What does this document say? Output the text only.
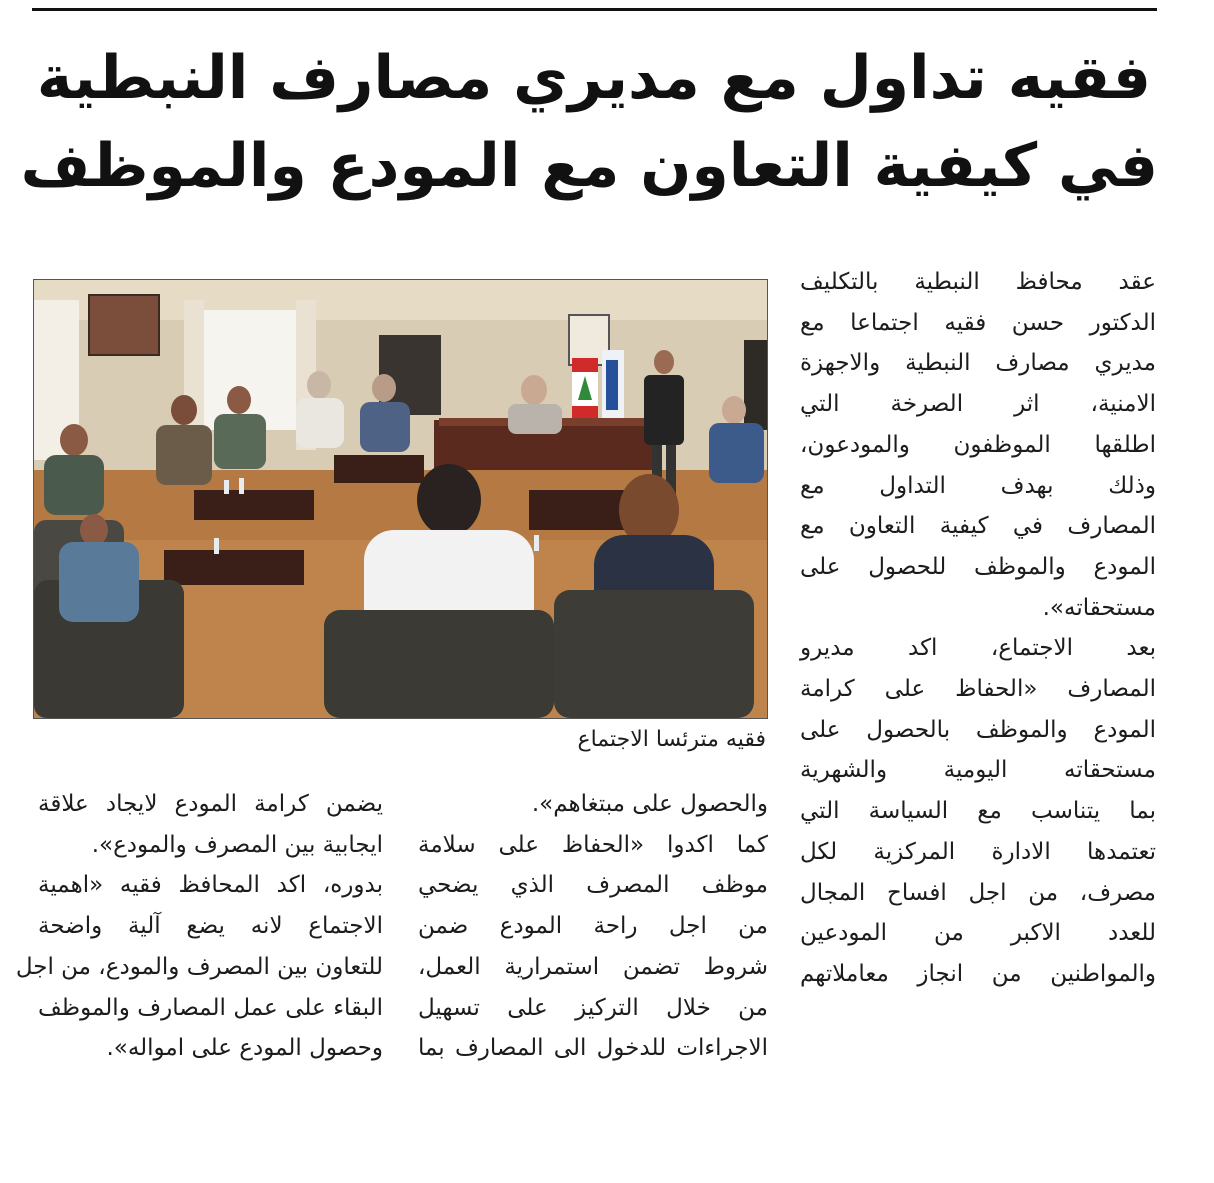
فقيه تداول مع مديري مصارف النبطية
في كيفية التعاون مع المودع والموظف
عقد محافظ النبطية بالتكليف
الدكتور حسن فقيه اجتماعا مع
مديري مصارف النبطية والاجهزة
الامنية، اثر الصرخة التي
اطلقها الموظفون والمودعون،
وذلك بهدف التداول مع
المصارف في كيفية التعاون مع
المودع والموظف للحصول على
مستحقاته».
بعد الاجتماع، اكد مديرو
المصارف «الحفاظ على كرامة
المودع والموظف بالحصول على
مستحقاته اليومية والشهرية
بما يتناسب مع السياسة التي
تعتمدها الادارة المركزية لكل
مصرف، من اجل افساح المجال
للعدد الاكبر من المودعين
والمواطنين من انجاز معاملاتهم
فقيه مترئسا الاجتماع
والحصول على مبتغاهم».
كما اكدوا «الحفاظ على سلامة
موظف المصرف الذي يضحي
من اجل راحة المودع ضمن
شروط تضمن استمرارية العمل،
من خلال التركيز على تسهيل
الاجراءات للدخول الى المصارف بما
يضمن كرامة المودع لايجاد علاقة
ايجابية بين المصرف والمودع».
بدوره، اكد المحافظ فقيه «اهمية
الاجتماع لانه يضع آلية واضحة
للتعاون بين المصرف والمودع، من اجل
البقاء على عمل المصارف والموظف
وحصول المودع على امواله».
